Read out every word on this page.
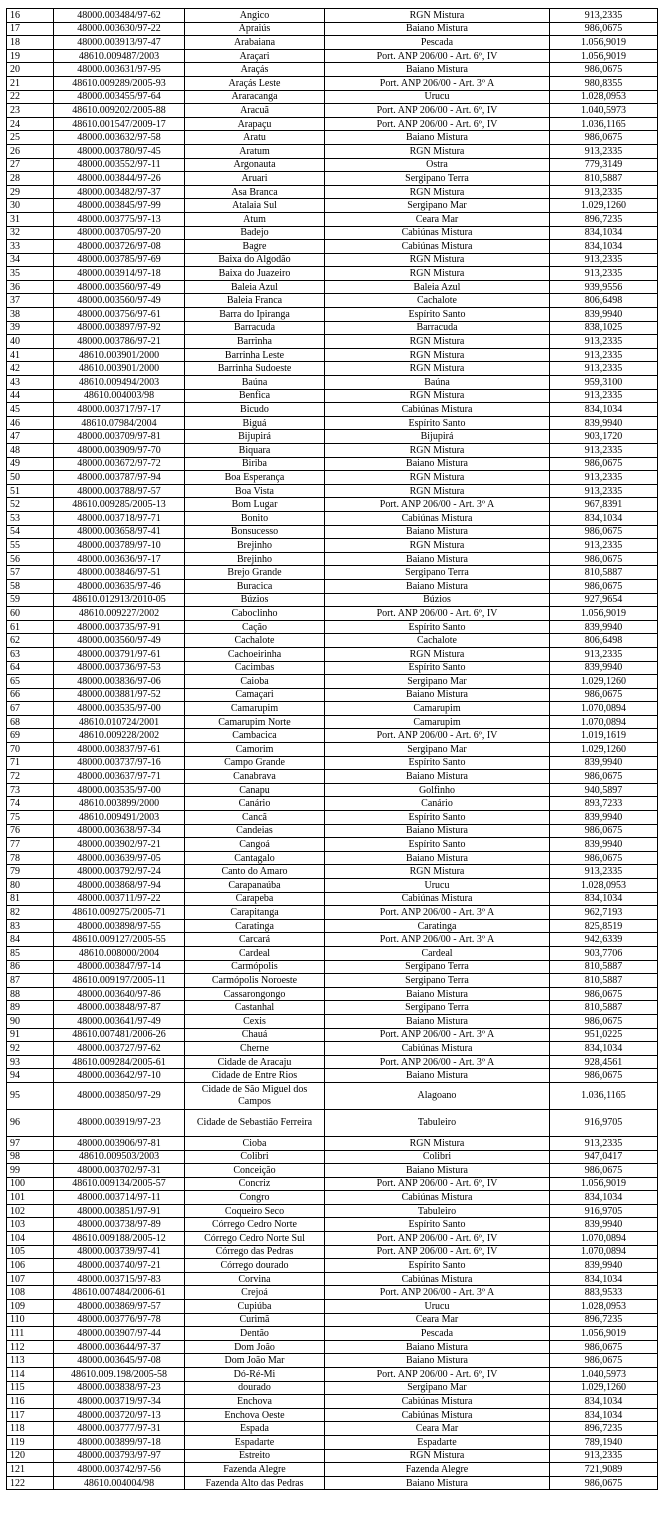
16	48000.003484/97-62	Angico	RGN Mistura	913,2335
17	48000.003630/97-22	Apraiús	Baiano Mistura	986,0675
18	48000.003913/97-47	Arabaiana	Pescada	1.056,9019
19	48610.009487/2003	Araçari	Port. ANP 206/00 - Art. 6º, IV	1.056,9019
20	48000.003631/97-95	Araçás	Baiano Mistura	986,0675
21	48610.009289/2005-93	Araçás Leste	Port. ANP 206/00 - Art. 3º A	980,8355
22	48000.003455/97-64	Araracanga	Urucu	1.028,0953
23	48610.009202/2005-88	Aracuã	Port. ANP 206/00 - Art. 6º, IV	1.040,5973
24	48610.001547/2009-17	Arapaçu	Port. ANP 206/00 - Art. 6º, IV	1.036,1165
25	48000.003632/97-58	Aratu	Baiano Mistura	986,0675
26	48000.003780/97-45	Aratum	RGN Mistura	913,2335
27	48000.003552/97-11	Argonauta	Ostra	779,3149
28	48000.003844/97-26	Aruari	Sergipano Terra	810,5887
29	48000.003482/97-37	Asa Branca	RGN Mistura	913,2335
30	48000.003845/97-99	Atalaia Sul	Sergipano Mar	1.029,1260
31	48000.003775/97-13	Atum	Ceara Mar	896,7235
32	48000.003705/97-20	Badejo	Cabiúnas Mistura	834,1034
33	48000.003726/97-08	Bagre	Cabiúnas Mistura	834,1034
34	48000.003785/97-69	Baixa do Algodão	RGN Mistura	913,2335
35	48000.003914/97-18	Baixa do Juazeiro	RGN Mistura	913,2335
36	48000.003560/97-49	Baleia Azul	Baleia Azul	939,9556
37	48000.003560/97-49	Baleia Franca	Cachalote	806,6498
38	48000.003756/97-61	Barra do Ipiranga	Espírito Santo	839,9940
39	48000.003897/97-92	Barracuda	Barracuda	838,1025
40	48000.003786/97-21	Barrinha	RGN Mistura	913,2335
41	48610.003901/2000	Barrinha Leste	RGN Mistura	913,2335
42	48610.003901/2000	Barrinha Sudoeste	RGN Mistura	913,2335
43	48610.009494/2003	Baúna	Baúna	959,3100
44	48610.004003/98	Benfica	RGN Mistura	913,2335
45	48000.003717/97-17	Bicudo	Cabiúnas Mistura	834,1034
46	48610.07984/2004	Biguá	Espírito Santo	839,9940
47	48000.003709/97-81	Bijupirá	Bijupirá	903,1720
48	48000.003909/97-70	Biquara	RGN Mistura	913,2335
49	48000.003672/97-72	Biriba	Baiano Mistura	986,0675
50	48000.003787/97-94	Boa Esperança	RGN Mistura	913,2335
51	48000.003788/97-57	Boa Vista	RGN Mistura	913,2335
52	48610.009285/2005-13	Bom Lugar	Port. ANP 206/00 - Art. 3º A	967,8391
53	48000.003718/97-71	Bonito	Cabiúnas Mistura	834,1034
54	48000.003658/97-41	Bonsucesso	Baiano Mistura	986,0675
55	48000.003789/97-10	Brejinho	RGN Mistura	913,2335
56	48000.003636/97-17	Brejinho	Baiano Mistura	986,0675
57	48000.003846/97-51	Brejo Grande	Sergipano Terra	810,5887
58	48000.003635/97-46	Buracica	Baiano Mistura	986,0675
59	48610.012913/2010-05	Búzios	Búzios	927,9654
60	48610.009227/2002	Caboclinho	Port. ANP 206/00 - Art. 6º, IV	1.056,9019
61	48000.003735/97-91	Cação	Espírito Santo	839,9940
62	48000.003560/97-49	Cachalote	Cachalote	806,6498
63	48000.003791/97-61	Cachoeirinha	RGN Mistura	913,2335
64	48000.003736/97-53	Cacimbas	Espírito Santo	839,9940
65	48000.003836/97-06	Caioba	Sergipano Mar	1.029,1260
66	48000.003881/97-52	Camaçari	Baiano Mistura	986,0675
67	48000.003535/97-00	Camarupim	Camarupim	1.070,0894
68	48610.010724/2001	Camarupim Norte	Camarupim	1.070,0894
69	48610.009228/2002	Cambacica	Port. ANP 206/00 - Art. 6º, IV	1.019,1619
70	48000.003837/97-61	Camorim	Sergipano Mar	1.029,1260
71	48000.003737/97-16	Campo Grande	Espírito Santo	839,9940
72	48000.003637/97-71	Canabrava	Baiano Mistura	986,0675
73	48000.003535/97-00	Canapu	Golfinho	940,5897
74	48610.003899/2000	Canário	Canário	893,7233
75	48610.009491/2003	Cancã	Espírito Santo	839,9940
76	48000.003638/97-34	Candeias	Baiano Mistura	986,0675
77	48000.003902/97-21	Cangoá	Espírito Santo	839,9940
78	48000.003639/97-05	Cantagalo	Baiano Mistura	986,0675
79	48000.003792/97-24	Canto do Amaro	RGN Mistura	913,2335
80	48000.003868/97-94	Carapanaúba	Urucu	1.028,0953
81	48000.003711/97-22	Carapeba	Cabiúnas Mistura	834,1034
82	48610.009275/2005-71	Carapitanga	Port. ANP 206/00 - Art. 3º A	962,7193
83	48000.003898/97-55	Caratinga	Caratinga	825,8519
84	48610.009127/2005-55	Carcará	Port. ANP 206/00 - Art. 3º A	942,6339
85	48610.008000/2004	Cardeal	Cardeal	903,7706
86	48000.003847/97-14	Carmópolis	Sergipano Terra	810,5887
87	48610.009197/2005-11	Carmópolis Noroeste	Sergipano Terra	810,5887
88	48000.003640/97-86	Cassarongongo	Baiano Mistura	986,0675
89	48000.003848/97-87	Castanhal	Sergipano Terra	810,5887
90	48000.003641/97-49	Cexis	Baiano Mistura	986,0675
91	48610.007481/2006-26	Chauá	Port. ANP 206/00 - Art. 3º A	951,0225
92	48000.003727/97-62	Cherne	Cabiúnas Mistura	834,1034
93	48610.009284/2005-61	Cidade de Aracaju	Port. ANP 206/00 - Art. 3º A	928,4561
94	48000.003642/97-10	Cidade de Entre Rios	Baiano Mistura	986,0675
95	48000.003850/97-29	Cidade de São Miguel dos Campos	Alagoano	1.036,1165
96	48000.003919/97-23	Cidade de Sebastião Ferreira	Tabuleiro	916,9705
97	48000.003906/97-81	Cioba	RGN Mistura	913,2335
98	48610.009503/2003	Colibri	Colibri	947,0417
99	48000.003702/97-31	Conceição	Baiano Mistura	986,0675
100	48610.009134/2005-57	Concriz	Port. ANP 206/00 - Art. 6º, IV	1.056,9019
101	48000.003714/97-11	Congro	Cabiúnas Mistura	834,1034
102	48000.003851/97-91	Coqueiro Seco	Tabuleiro	916,9705
103	48000.003738/97-89	Córrego Cedro Norte	Espírito Santo	839,9940
104	48610.009188/2005-12	Córrego Cedro Norte Sul	Port. ANP 206/00 - Art. 6º, IV	1.070,0894
105	48000.003739/97-41	Córrego das Pedras	Port. ANP 206/00 - Art. 6º, IV	1.070,0894
106	48000.003740/97-21	Córrego dourado	Espírito Santo	839,9940
107	48000.003715/97-83	Corvina	Cabiúnas Mistura	834,1034
108	48610.007484/2006-61	Crejoá	Port. ANP 206/00 - Art. 3º A	883,9533
109	48000.003869/97-57	Cupiúba	Urucu	1.028,0953
110	48000.003776/97-78	Curimã	Ceara Mar	896,7235
111	48000.003907/97-44	Dentão	Pescada	1.056,9019
112	48000.003644/97-37	Dom João	Baiano Mistura	986,0675
113	48000.003645/97-08	Dom João Mar	Baiano Mistura	986,0675
114	48610.009.198/2005-58	Dó-Ré-Mi	Port. ANP 206/00 - Art. 6º, IV	1.040,5973
115	48000.003838/97-23	dourado	Sergipano Mar	1.029,1260
116	48000.003719/97-34	Enchova	Cabiúnas Mistura	834,1034
117	48000.003720/97-13	Enchova Oeste	Cabiúnas Mistura	834,1034
118	48000.003777/97-31	Espada	Ceara Mar	896,7235
119	48000.003899/97-18	Espadarte	Espadarte	789,1940
120	48000.003793/97-97	Estreito	RGN Mistura	913,2335
121	48000.003742/97-56	Fazenda Alegre	Fazenda Alegre	721,9089
122	48610.004004/98	Fazenda Alto das Pedras	Baiano Mistura	986,0675
